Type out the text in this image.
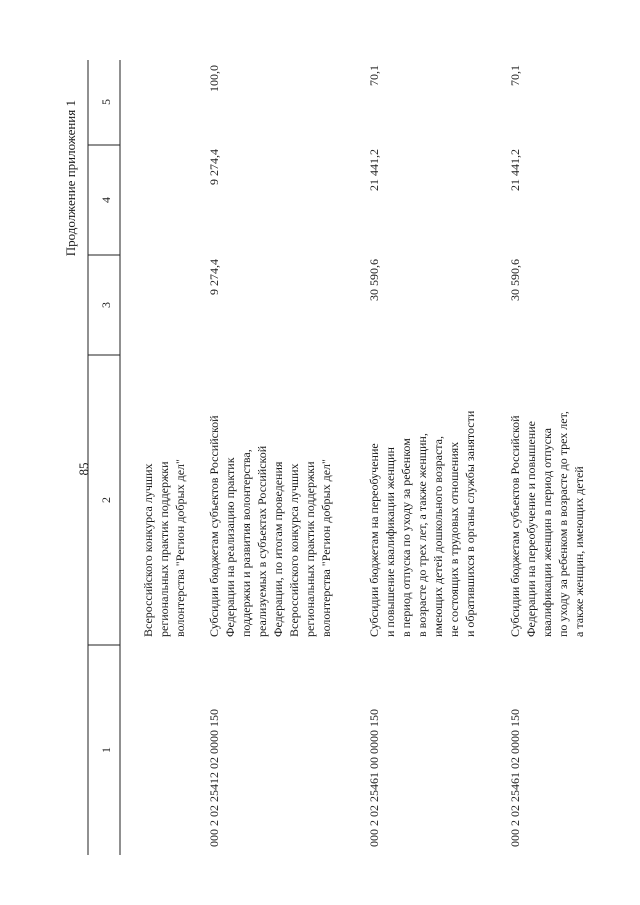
85
Продолжение приложения 1
1
2
3
4
5
Всероссийского конкурса лучших региональных практик поддержки волонтерства "Регион добрых дел"
000 2 02 25412 02 0000 150
Субсидии бюджетам субъектов Российской Федерации на реализацию практик поддержки и развития волонтерства, реализуемых в субъектах Российской Федерации, по итогам проведения Всероссийского конкурса лучших региональных практик поддержки волонтерства "Регион добрых дел"
9 274,4
9 274,4
100,0
000 2 02 25461 00 0000 150
Субсидии бюджетам на переобучение и повышение квалификации женщин в период отпуска по уходу за ребенком в возрасте до трех лет, а также женщин, имеющих детей дошкольного возраста, не состоящих в трудовых отношениях и обратившихся в органы службы занятости
30 590,6
21 441,2
70,1
000 2 02 25461 02 0000 150
Субсидии бюджетам субъектов Российской Федерации на переобучение и повышение квалификации женщин в период отпуска по уходу за ребенком в возрасте до трех лет, а также женщин, имеющих детей
30 590,6
21 441,2
70,1
